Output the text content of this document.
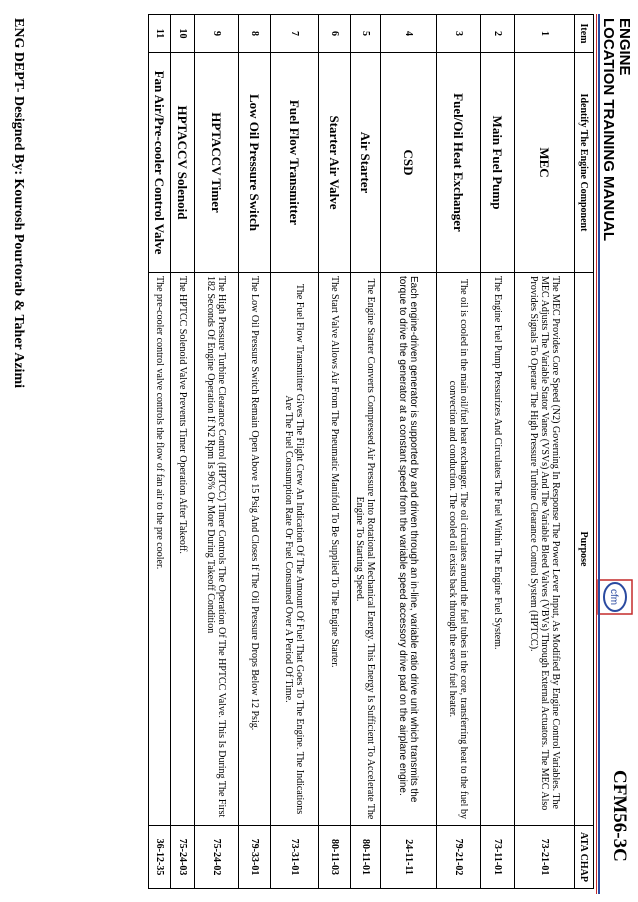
ENGINE
LOCATION TRAINING MANUAL
cfm
CFM56-3C
Item	Identify The Engine Component	Purpose	ATA CHAP
1	MEC	The MEC Provides Core Speed (N2) Governing In Response The Power Lever Input, As Modified By Engine Control Variables. The MEC Adjusts The Variable Stator Vanes (VSVs) And The Variable Bleed Valves (VBVs) Through External Actuators. The MEC Also Provides Signals To Operate The High Pressure Turbine Clearance Control System (HPTCC).	73-21-01
2	Main Fuel Pump	The Engine Fuel Pump Pressurizes And Circulates The Fuel Within The Engine Fuel System.	73-11-01
3	Fuel/Oil Heat Exchanger	The oil is cooled in the main oil/fuel heat exchanger. The oil circulates around the fuel tubes in the core, transferring heat to the fuel by convection and conduction. The cooled oil exists back through the servo fuel heater.	79-21-02
4	CSD	Each engine-driven generator is supported by and driven through an in-line, variable ratio drive unit which transmits the torque to drive the generator at a constant speed from the variable speed accessory drive pad on the airplane engine.	24-11-11
5	Air Starter	The Engine Starter Converts Compressed Air Pressure Into Rotational Mechanical Energy. This Energy Is Sufficient To Accelerate The Engine To Starting Speed.	80-11-01
6	Starter Air Valve	The Start Valve Allows Air From The Pneumatic Manifold To Be Supplied To The Engine Starter.	80-11-03
7	Fuel Flow Transmitter	The Fuel Flow Transmitter Gives The Flight Crew An Indication Of The Amount Of Fuel That Goes To The Engine. The Indications Are The Fuel Consumption Rate Or Fuel Consumed Over A Period Of Time.	73-31-01
8	Low Oil Pressure Switch	The Low Oil Pressure Switch Remain Open Above 15 Psig And Closes If The Oil Pressure Drops Below 12 Psig.	79-33-01
9	HPTACCV Timer	The High Pressure Turbine Clearance Control (HPTCC) Timer Controls The Operation Of The HPTCC Valve. This Is During The First 182 Seconds Of Engine Operation If N2 Rpm Is 96% Or More During Takeoff Condition	75-24-02
10	HPTACCV Solenoid	The HPTCC Solenoid Valve Prevents Timer Operation After Takeoff.	75-24-03
11	Fan Air/Pre-cooler Control Valve	The pre-cooler control valve controls the flow of fan air to the pre cooler.	36-12-35
ENG DEPT- Designed By: Kourosh Pourtorab & Taher Azimi
